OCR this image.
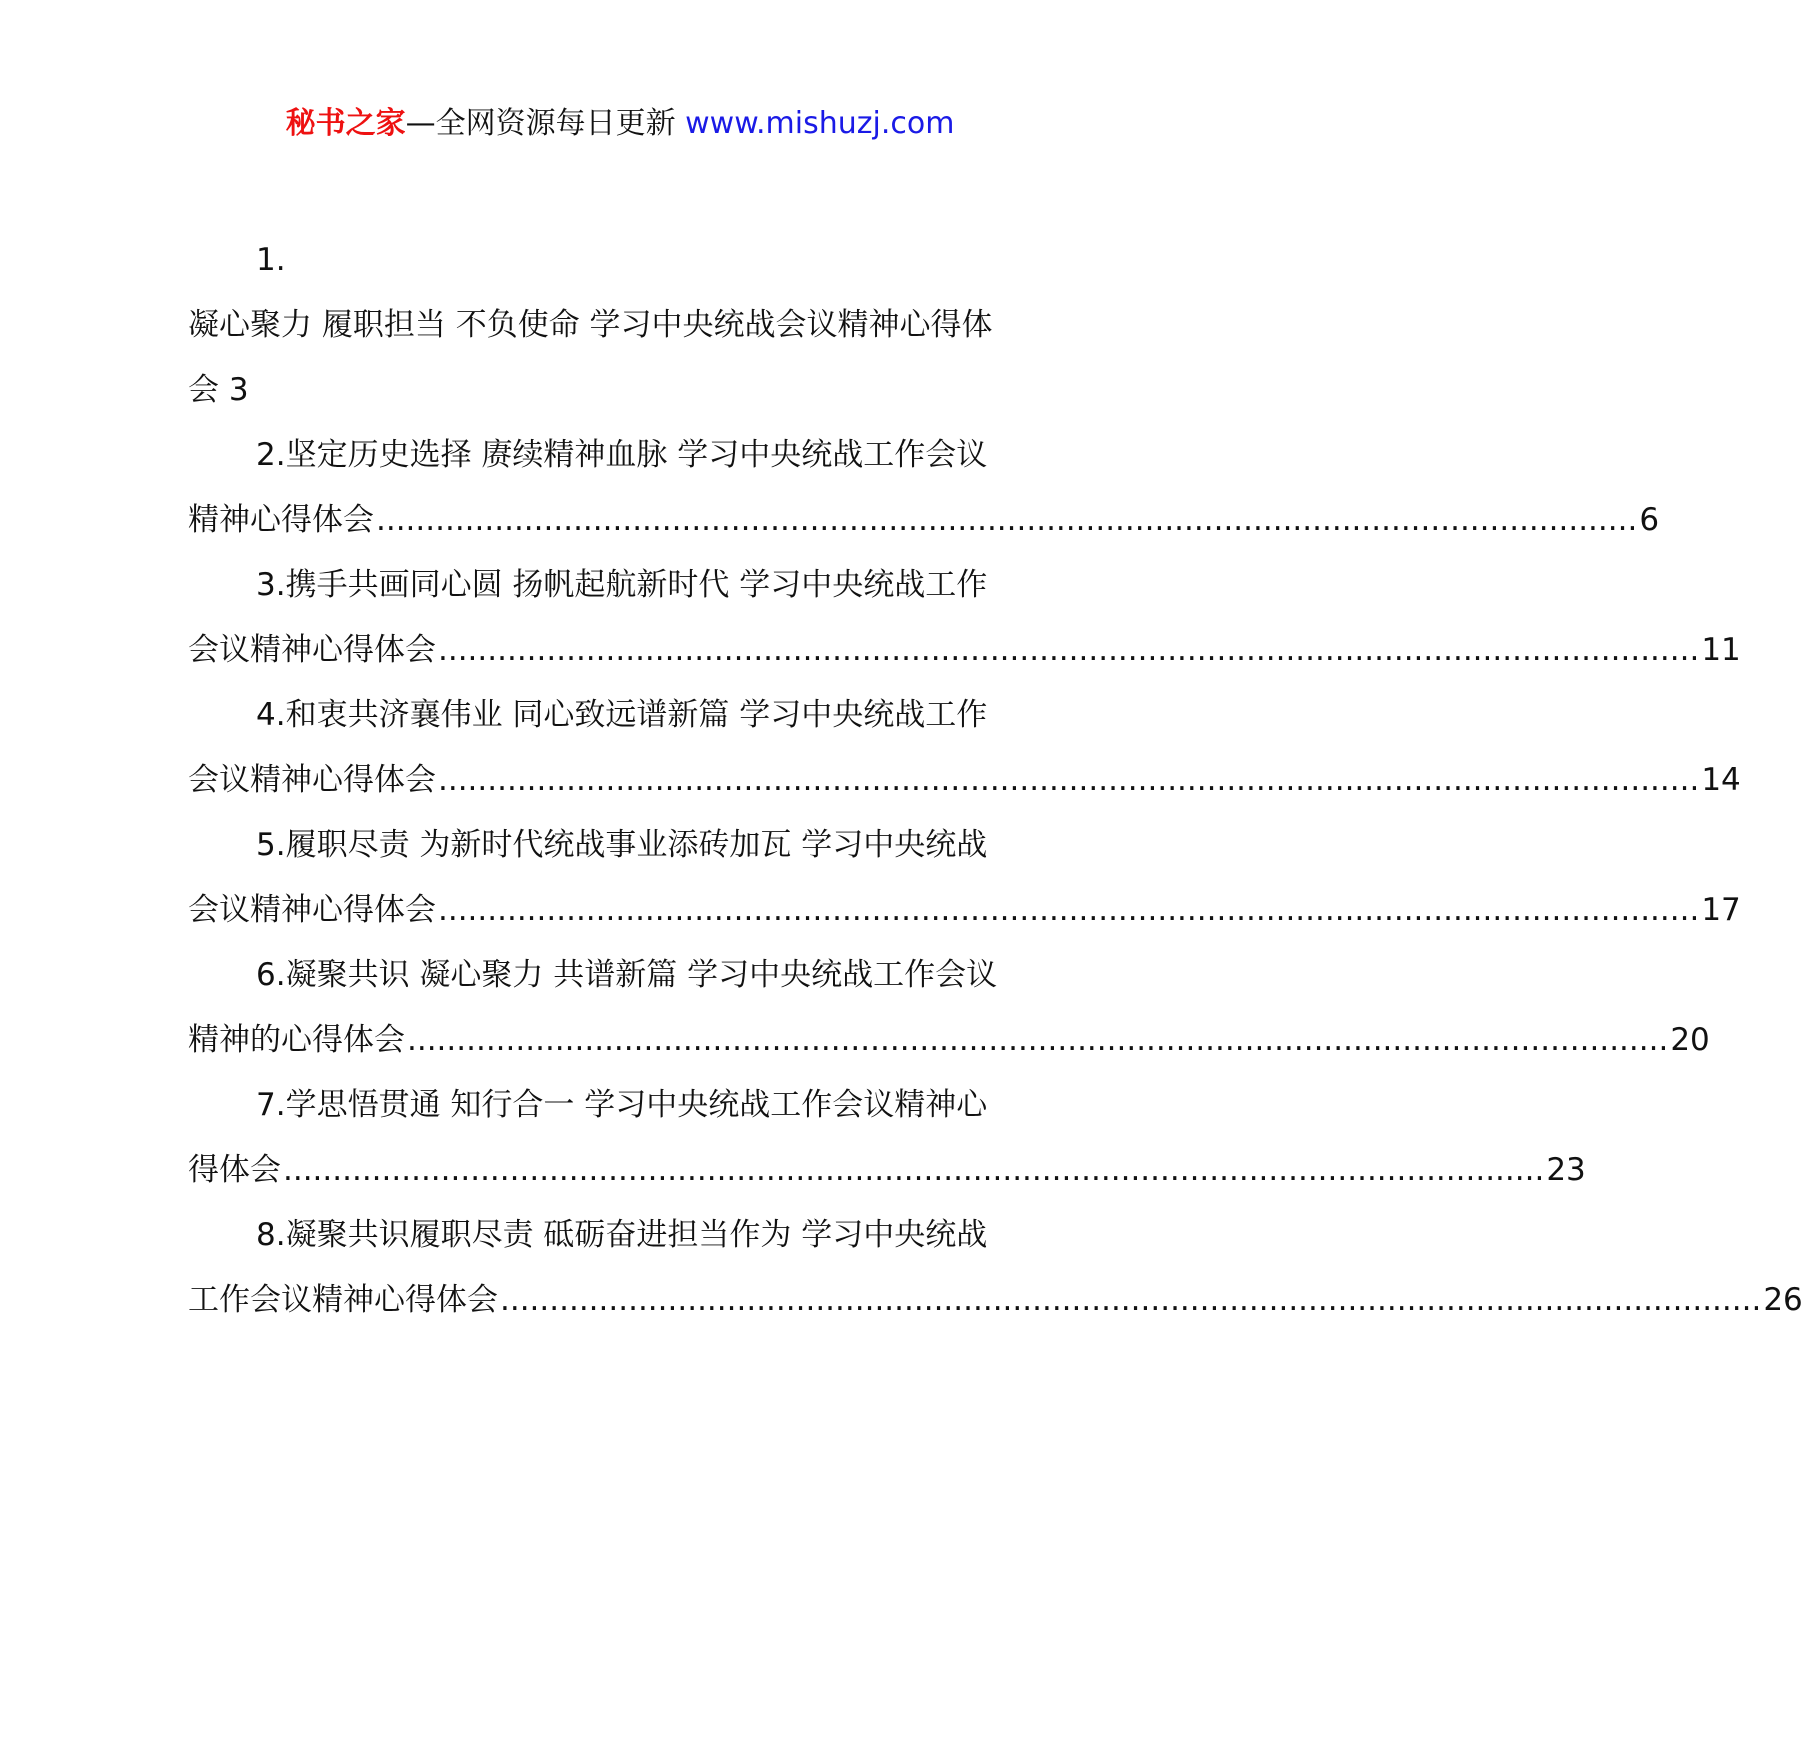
秘书之家—全网资源每日更新 www.mishuzj.com
1.
凝心聚力 履职担当 不负使命 学习中央统战会议精神心得体
会 3
2.坚定历史选择 赓续精神血脉 学习中央统战工作会议
精神心得体会 ................................................................................................................................ 6
3.携手共画同心圆 扬帆起航新时代 学习中央统战工作
会议精神心得体会 ................................................................................................................................ 11
4.和衷共济襄伟业 同心致远谱新篇 学习中央统战工作
会议精神心得体会 ................................................................................................................................ 14
5.履职尽责 为新时代统战事业添砖加瓦 学习中央统战
会议精神心得体会 ................................................................................................................................ 17
6.凝聚共识 凝心聚力 共谱新篇 学习中央统战工作会议
精神的心得体会 ................................................................................................................................ 20
7.学思悟贯通 知行合一 学习中央统战工作会议精神心
得体会 ................................................................................................................................ 23
8.凝聚共识履职尽责 砥砺奋进担当作为 学习中央统战
工作会议精神心得体会 ................................................................................................................................ 26
